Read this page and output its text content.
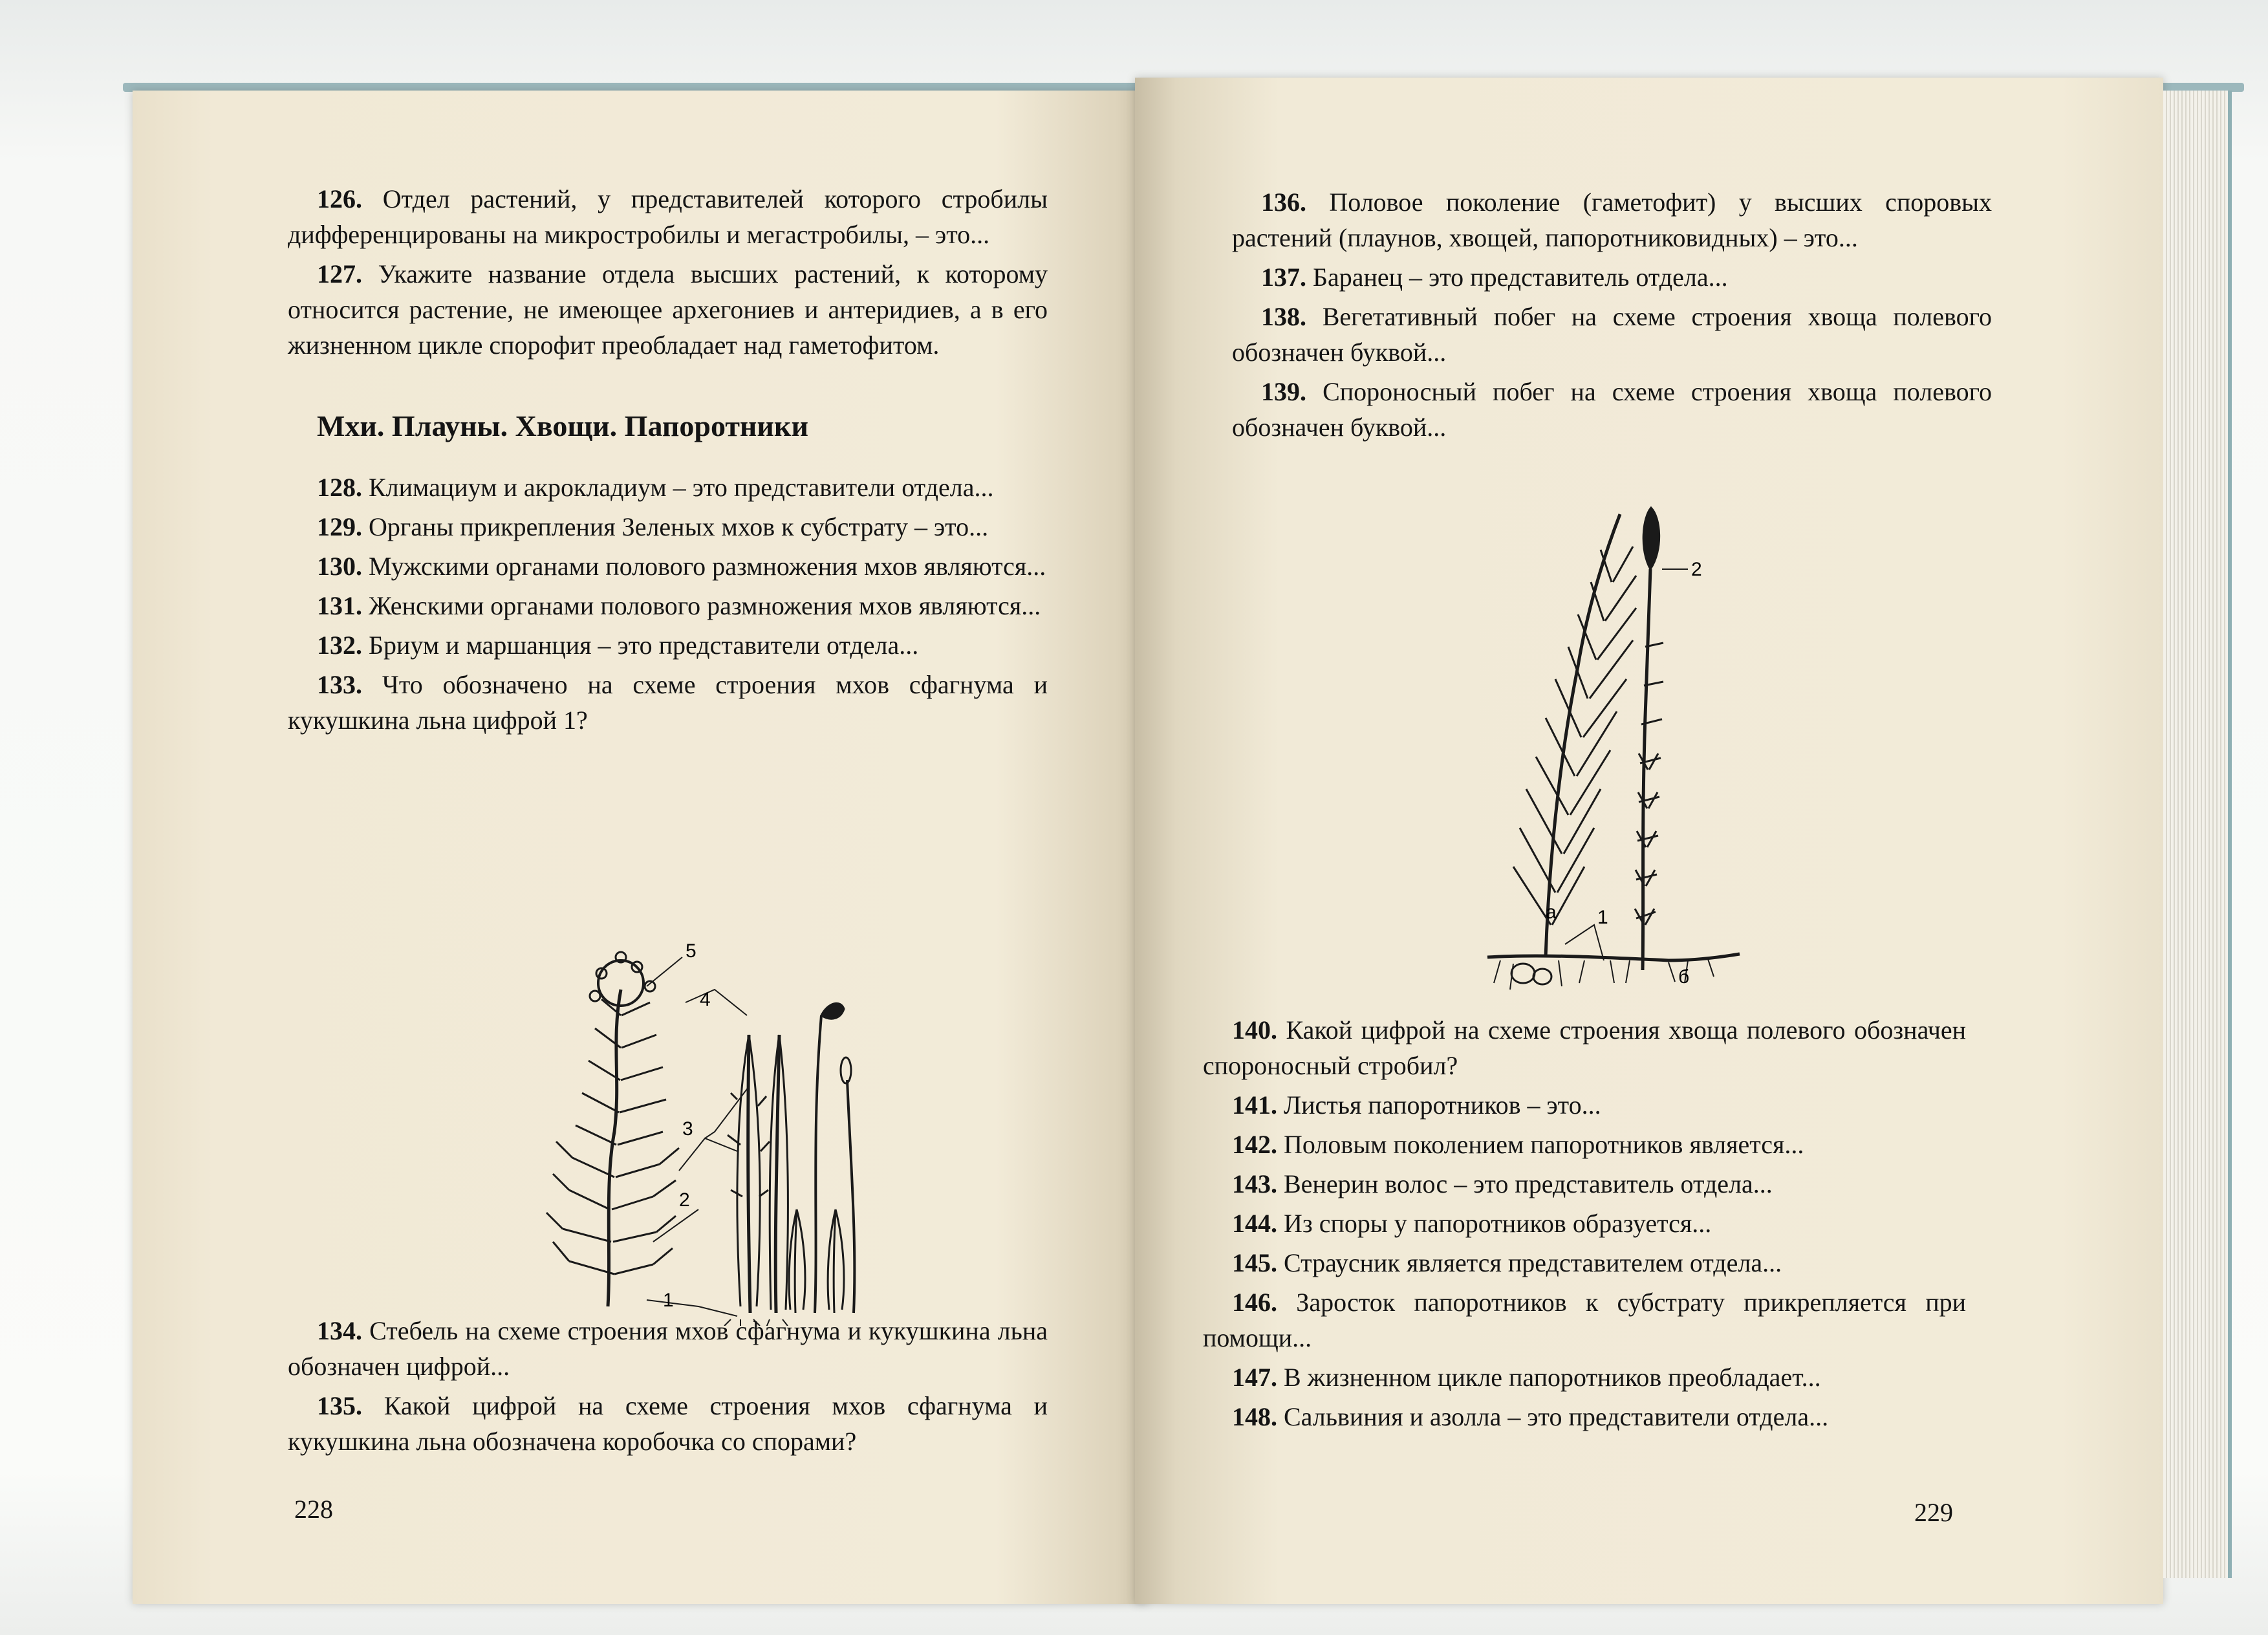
126. Отдел растений, у представителей которого стробилы дифференцированы на микростробилы и мегастробилы, – это...

127. Укажите название отдела высших растений, к которому относится растение, не имеющее архегониев и антеридиев, а в его жизненном цикле спорофит преобладает над гаметофитом.

Мхи. Плауны. Хвощи. Папоротники

128. Климациум и акрокладиум – это представители отдела...

129. Органы прикрепления Зеленых мхов к субстрату – это...

130. Мужскими органами полового размножения мхов являются...

131. Женскими органами полового размножения мхов являются...

132. Бриум и маршанция – это представители отдела...

133. Что обозначено на схеме строения мхов сфагнума и кукушкина льна цифрой 1?

5
4
3
2
1

134. Стебель на схеме строения мхов сфагнума и кукушкина льна обозначен цифрой...

135. Какой цифрой на схеме строения мхов сфагнума и кукушкина льна обозначена коробочка со спорами?

228

136. Половое поколение (гаметофит) у высших споровых растений (плаунов, хвощей, папоротниковидных) – это...

137. Баранец – это представитель отдела...

138. Вегетативный побег на схеме строения хвоща полевого обозначен буквой...

139. Спороносный побег на схеме строения хвоща полевого обозначен буквой...

2
1
а
б

140. Какой цифрой на схеме строения хвоща полевого обозначен спороносный стробил?

141. Листья папоротников – это...

142. Половым поколением папоротников является...

143. Венерин волос – это представитель отдела...

144. Из споры у папоротников образуется...

145. Страусник является представителем отдела...

146. Заросток папоротников к субстрату прикрепляется при помощи...

147. В жизненном цикле папоротников преобладает...

148. Сальвиния и азолла – это представители отдела...

229
